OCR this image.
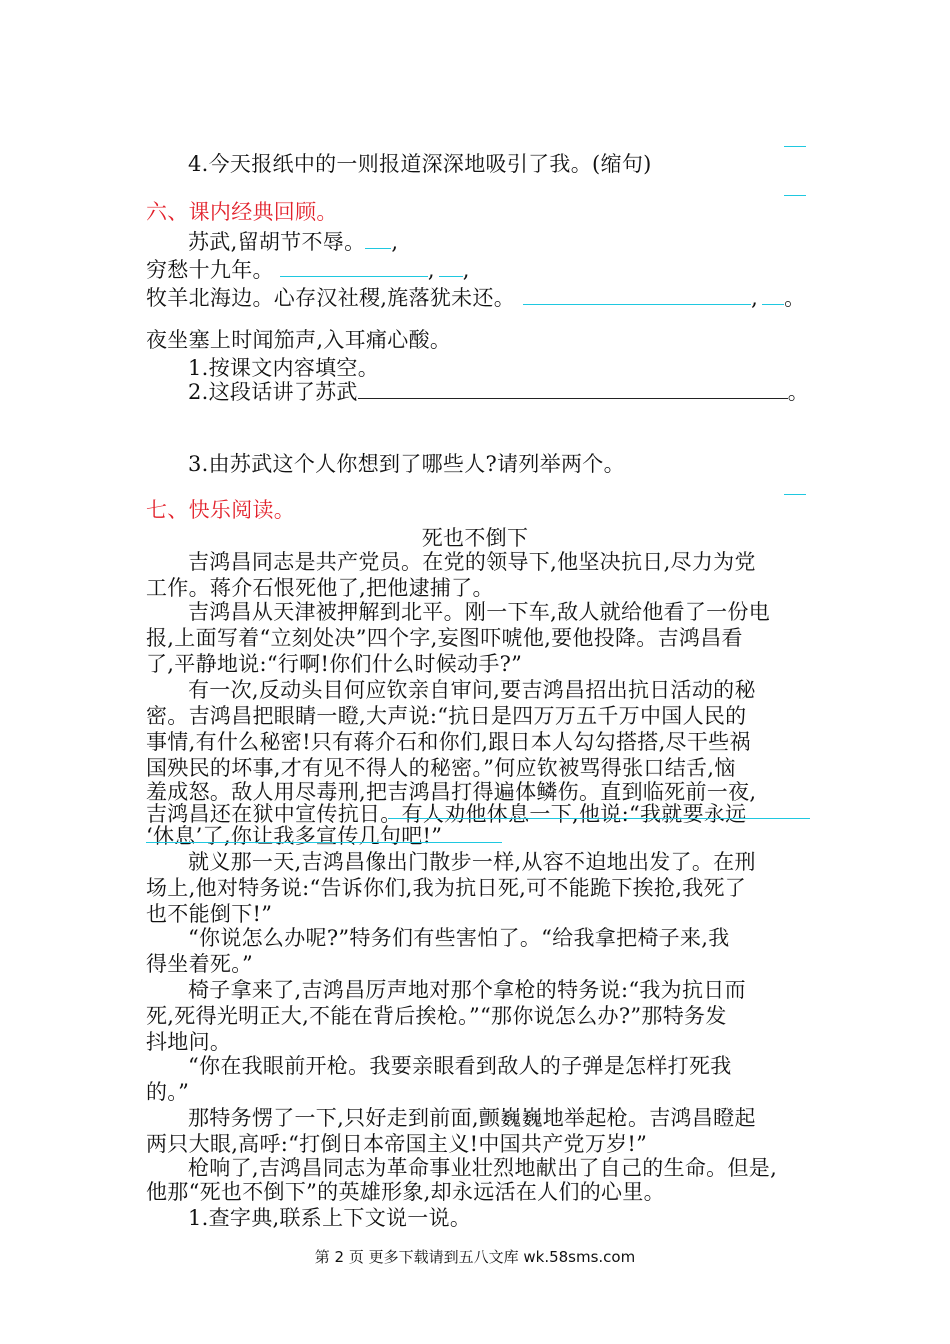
4.今天报纸中的一则报道深深地吸引了我。(缩句)
六、课内经典回顾。
苏武,留胡节不辱。 ,
穷愁十九年。	, ,
牧羊北海边。心存汉社稷,旄落犹未还。	, 。
夜坐塞上时闻笳声,入耳痛心酸。
1.按课文内容填空。
2.这段话讲了苏武	。
3.由苏武这个人你想到了哪些人?请列举两个。
七、快乐阅读。
死也不倒下
吉鸿昌同志是共产党员。在党的领导下,他坚决抗日,尽力为党
工作。蒋介石恨死他了,把他逮捕了。
吉鸿昌从天津被押解到北平。刚一下车,敌人就给他看了一份电
报,上面写着“立刻处决”四个字,妄图吓唬他,要他投降。吉鸿昌看
了,平静地说:“行啊!你们什么时候动手?”
有一次,反动头目何应钦亲自审问,要吉鸿昌招出抗日活动的秘
密。吉鸿昌把眼睛一瞪,大声说:“抗日是四万万五千万中国人民的
事情,有什么秘密!只有蒋介石和你们,跟日本人勾勾搭搭,尽干些祸
国殃民的坏事,才有见不得人的秘密。”何应钦被骂得张口结舌,恼
羞成怒。敌人用尽毒刑,把吉鸿昌打得遍体鳞伤。直到临死前一夜,
吉鸿昌还在狱中宣传抗日。有人劝他休息一下,他说:“我就要永远
‘休息’了,你让我多宣传几句吧!”
就义那一天,吉鸿昌像出门散步一样,从容不迫地出发了。在刑
场上,他对特务说:“告诉你们,我为抗日死,可不能跪下挨抢,我死了
也不能倒下!”
“你说怎么办呢?”特务们有些害怕了。“给我拿把椅子来,我
得坐着死。”
椅子拿来了,吉鸿昌厉声地对那个拿枪的特务说:“我为抗日而
死,死得光明正大,不能在背后挨枪。”“那你说怎么办?”那特务发
抖地问。
“你在我眼前开枪。我要亲眼看到敌人的子弹是怎样打死我
的。”
那特务愣了一下,只好走到前面,颤巍巍地举起枪。吉鸿昌瞪起
两只大眼,高呼:“打倒日本帝国主义!中国共产党万岁!”
枪响了,吉鸿昌同志为革命事业壮烈地献出了自己的生命。但是,
他那“死也不倒下”的英雄形象,却永远活在人们的心里。
1.查字典,联系上下文说一说。
第 2 页 更多下载请到五八文库 wk.58sms.com
